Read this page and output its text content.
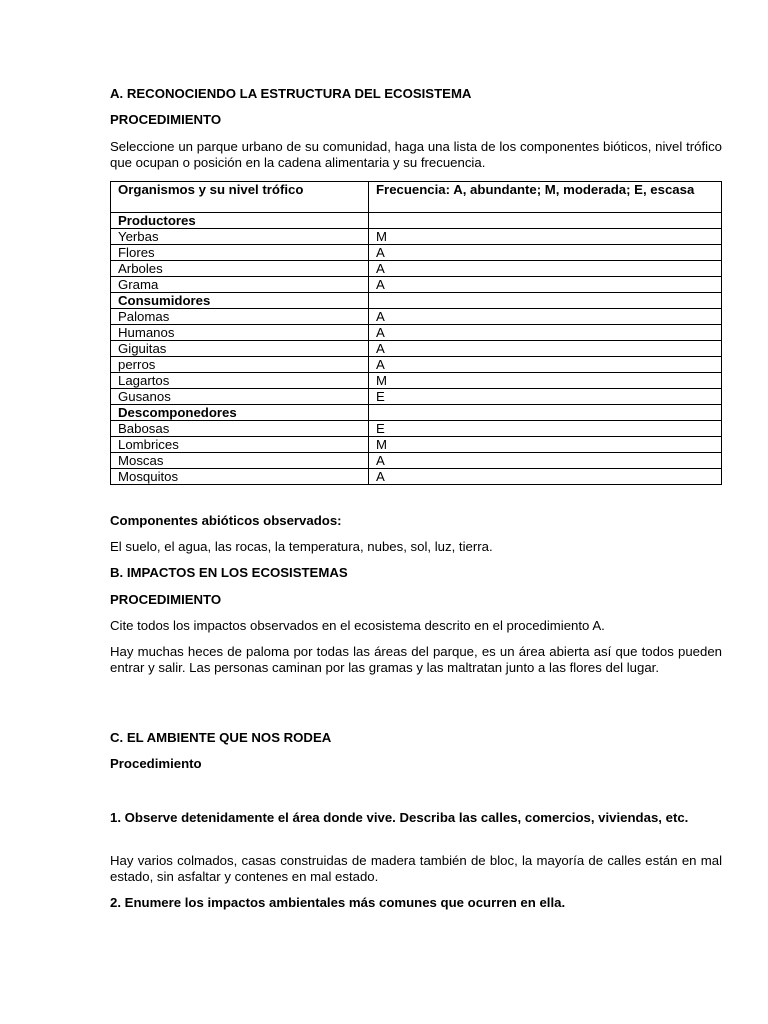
A. RECONOCIENDO LA ESTRUCTURA DEL ECOSISTEMA
PROCEDIMIENTO
Seleccione un parque urbano de su comunidad, haga una lista de los componentes bióticos, nivel trófico que ocupan o posición en la cadena alimentaria y su frecuencia.
Organismos y su nivel trófico	Frecuencia: A, abundante; M, moderada; E, escasa
Productores	
Yerbas	M
Flores	A
Arboles	A
Grama	A
Consumidores	
Palomas	A
Humanos	A
Giguitas	A
perros	A
Lagartos	M
Gusanos	E
Descomponedores	
Babosas	E
Lombrices	M
Moscas	A
Mosquitos	A
Componentes abióticos observados:
El suelo, el agua, las rocas, la temperatura, nubes, sol, luz, tierra.
B. IMPACTOS EN LOS ECOSISTEMAS
PROCEDIMIENTO
Cite todos los impactos observados en el ecosistema descrito en el procedimiento A.
Hay muchas heces de paloma por todas las áreas del parque, es un área abierta así que todos pueden entrar y salir. Las personas caminan por las gramas y las maltratan junto a las flores del lugar.
C. EL AMBIENTE QUE NOS RODEA
Procedimiento
1. Observe detenidamente el área donde vive. Describa las calles, comercios, viviendas, etc.
Hay varios colmados, casas construidas de madera también de bloc, la mayoría de calles están en mal estado, sin asfaltar y contenes en mal estado.
2. Enumere los impactos ambientales más comunes que ocurren en ella.
